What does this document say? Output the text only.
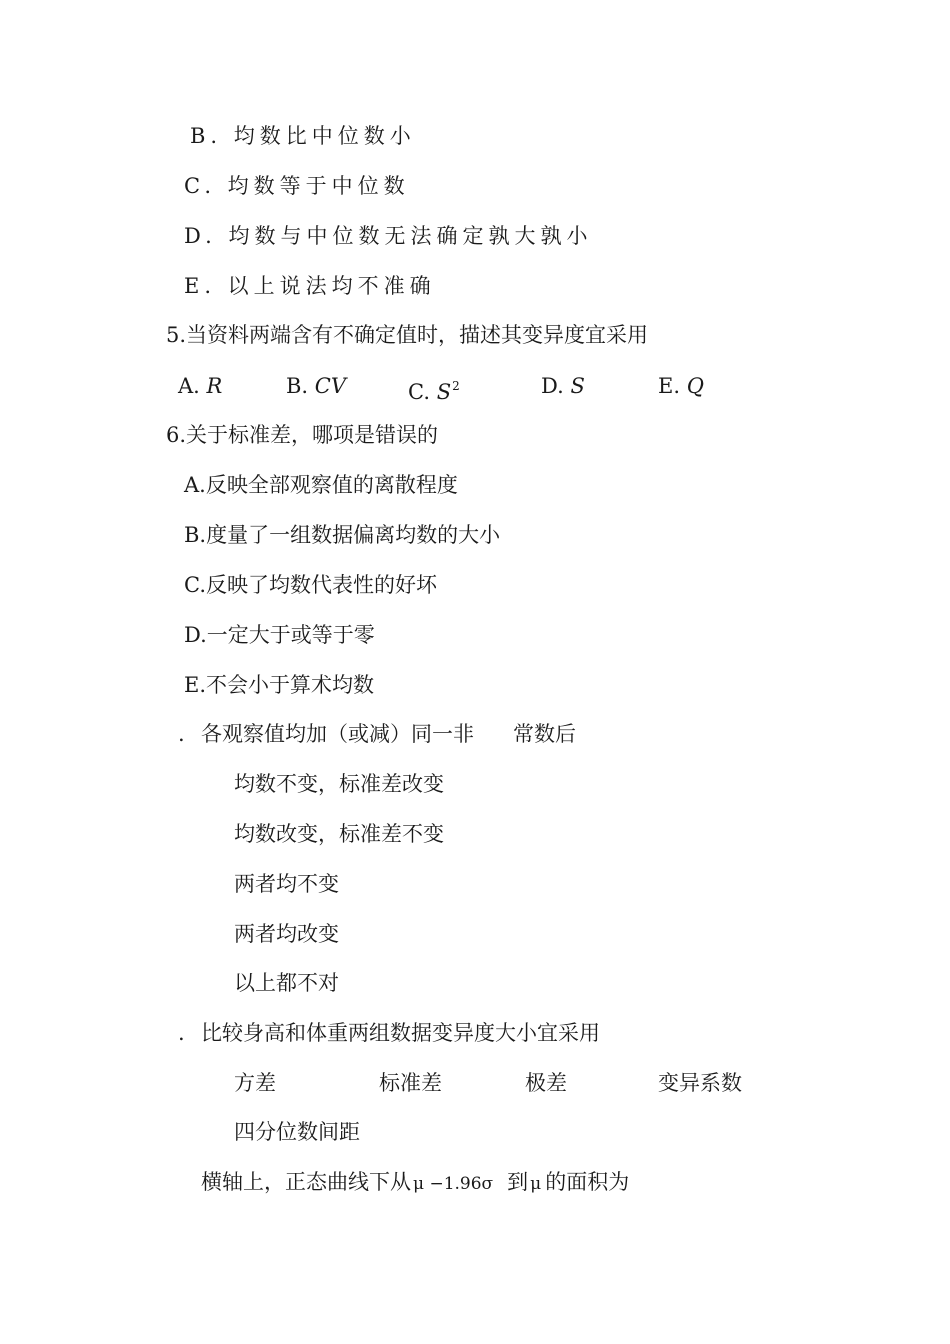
B. 均数比中位数小
C. 均数等于中位数
D. 均数与中位数无法确定孰大孰小
E. 以上说法均不准确
5.当资料两端含有不确定值时，描述其变异度宜采用
A. R	B. CV	C. $S^2$	D. S	E. Q
6.关于标准差，哪项是错误的
A.反映全部观察值的离散程度
B.度量了一组数据偏离均数的大小
C.反映了均数代表性的好坏
D.一定大于或等于零
E.不会小于算术均数
. 各观察值均加（或减）同一非 常数后
均数不变，标准差改变
均数改变，标准差不变
两者均不变
两者均改变
以上都不对
. 比较身高和体重两组数据变异度大小宜采用
方差	标准差	极差	变异系数
四分位数间距
横轴上，正态曲线下从 μ −1.96σ 到 μ 的面积为
